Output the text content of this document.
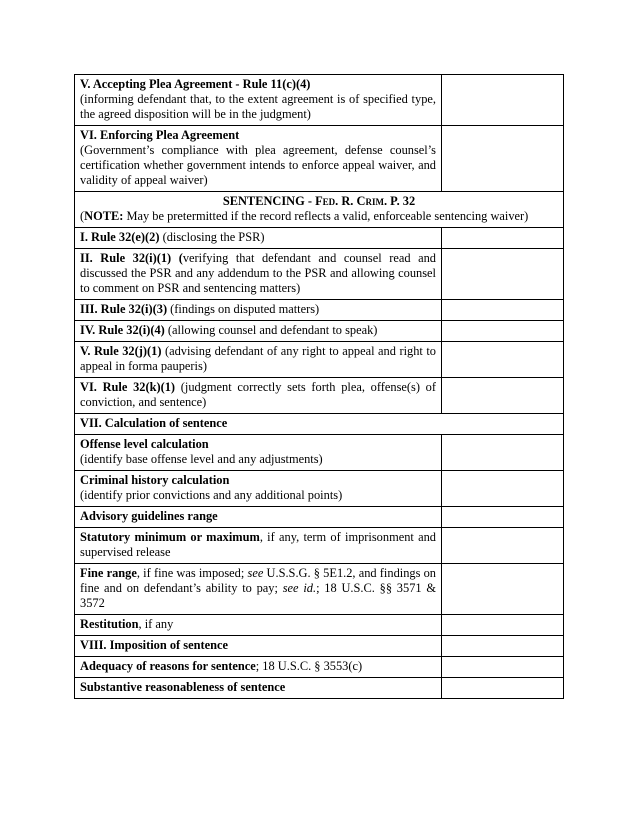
V. Accepting Plea Agreement - Rule 11(c)(4)
(informing defendant that, to the extent agreement is of specified type, the agreed disposition will be in the judgment)	
VI. Enforcing Plea Agreement
(Government’s compliance with plea agreement, defense counsel’s certification whether government intends to enforce appeal waiver, and validity of appeal waiver)	

SENTENCING - Fed. R. Crim. P. 32
(NOTE: May be pretermitted if the record reflects a valid, enforceable sentencing waiver)	

I. Rule 32(e)(2) (disclosing the PSR)	
II. Rule 32(i)(1) (verifying that defendant and counsel read and discussed the PSR and any addendum to the PSR and allowing counsel to comment on PSR and sentencing matters)	
III. Rule 32(i)(3) (findings on disputed matters)	
IV. Rule 32(i)(4) (allowing counsel and defendant to speak)	
V. Rule 32(j)(1) (advising defendant of any right to appeal and right to appeal in forma pauperis)	
VI. Rule 32(k)(1) (judgment correctly sets forth plea, offense(s) of conviction, and sentence)	
VII. Calculation of sentence	
Offense level calculation
(identify base offense level and any adjustments)	
Criminal history calculation
(identify prior convictions and any additional points)	
Advisory guidelines range	
Statutory minimum or maximum, if any, term of imprisonment and supervised release	
Fine range, if fine was imposed; see U.S.S.G. § 5E1.2, and findings on fine and on defendant’s ability to pay; see id.; 18 U.S.C. §§ 3571 & 3572	
Restitution, if any	
VIII. Imposition of sentence	
Adequacy of reasons for sentence; 18 U.S.C. § 3553(c)	
Substantive reasonableness of sentence	
